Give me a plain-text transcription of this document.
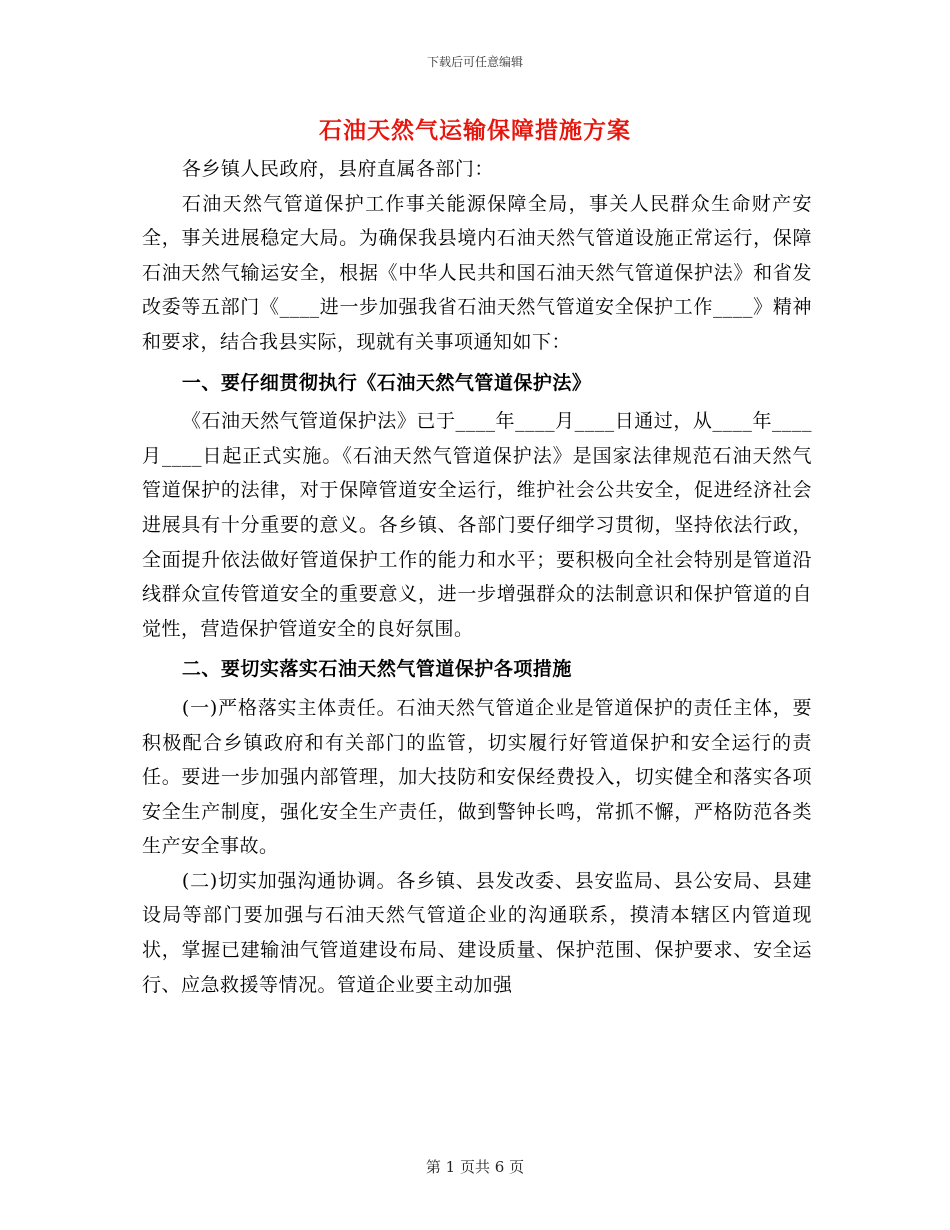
下载后可任意编辑
石油天然气运输保障措施方案

各乡镇人民政府，县府直属各部门：

石油天然气管道保护工作事关能源保障全局，事关人民群众生命财产安全，事关进展稳定大局。为确保我县境内石油天然气管道设施正常运行，保障石油天然气输运安全，根据《中华人民共和国石油天然气管道保护法》和省发改委等五部门《____进一步加强我省石油天然气管道安全保护工作____》精神和要求，结合我县实际，现就有关事项通知如下：

一、要仔细贯彻执行《石油天然气管道保护法》

《石油天然气管道保护法》已于____年____月____日通过，从____年____月____日起正式实施。《石油天然气管道保护法》是国家法律规范石油天然气管道保护的法律，对于保障管道安全运行，维护社会公共安全，促进经济社会进展具有十分重要的意义。各乡镇、各部门要仔细学习贯彻，坚持依法行政，全面提升依法做好管道保护工作的能力和水平；要积极向全社会特别是管道沿线群众宣传管道安全的重要意义，进一步增强群众的法制意识和保护管道的自觉性，营造保护管道安全的良好氛围。

二、要切实落实石油天然气管道保护各项措施

(一)严格落实主体责任。石油天然气管道企业是管道保护的责任主体，要积极配合乡镇政府和有关部门的监管，切实履行好管道保护和安全运行的责任。要进一步加强内部管理，加大技防和安保经费投入，切实健全和落实各项安全生产制度，强化安全生产责任，做到警钟长鸣，常抓不懈，严格防范各类生产安全事故。

(二)切实加强沟通协调。各乡镇、县发改委、县安监局、县公安局、县建设局等部门要加强与石油天然气管道企业的沟通联系，摸清本辖区内管道现状，掌握已建输油气管道建设布局、建设质量、保护范围、保护要求、安全运行、应急救援等情况。管道企业要主动加强

第 1 页共 6 页
